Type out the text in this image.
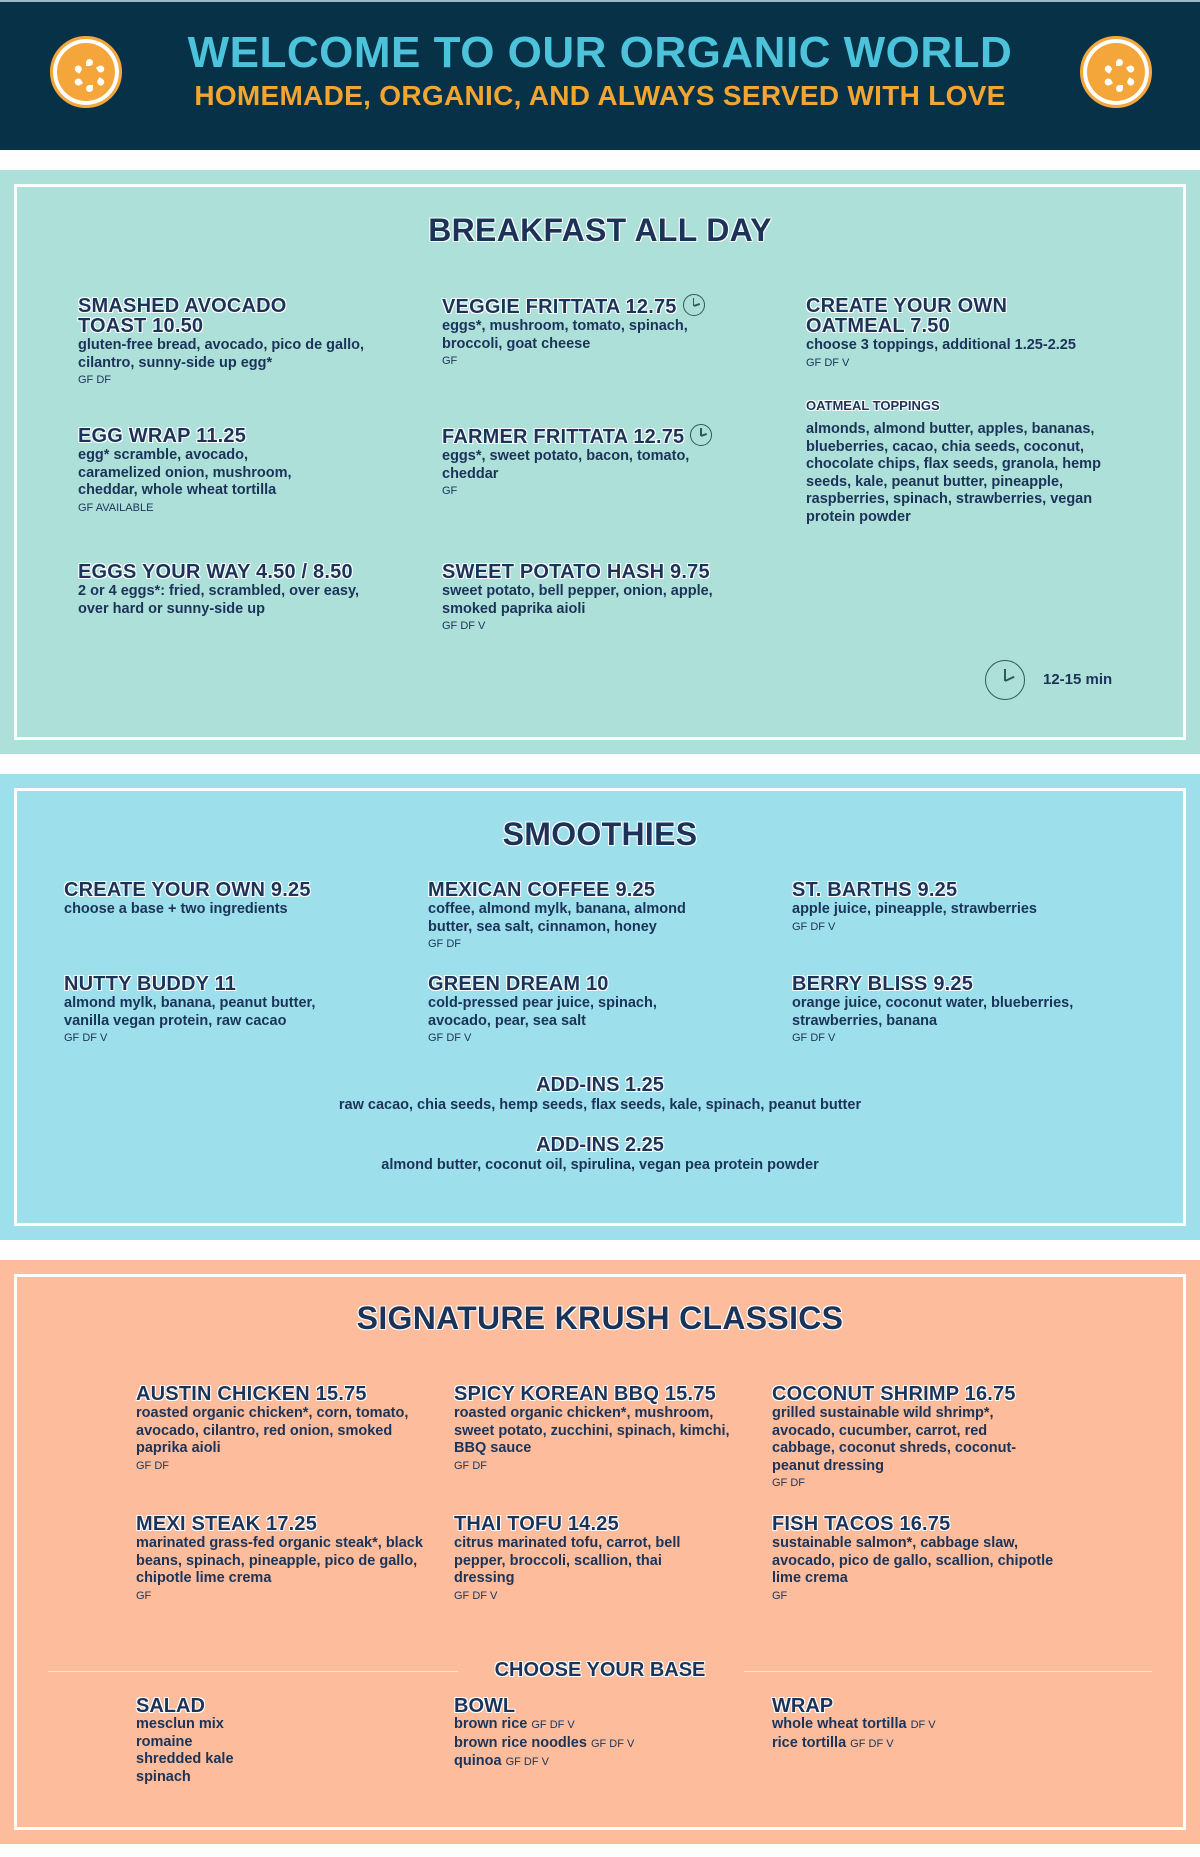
WELCOME TO OUR ORGANIC WORLD
HOMEMADE, ORGANIC, AND ALWAYS SERVED WITH LOVE
BREAKFAST ALL DAY
SMASHED AVOCADO
TOAST 10.50
gluten-free bread, avocado, pico de gallo, cilantro, sunny-side up egg*
GF DF
EGG WRAP 11.25
egg* scramble, avocado, caramelized onion, mushroom, cheddar, whole wheat tortilla
GF AVAILABLE
EGGS YOUR WAY 4.50 / 8.50
2 or 4 eggs*: fried, scrambled, over easy, over hard or sunny-side up
VEGGIE FRITTATA 12.75
eggs*, mushroom, tomato, spinach, broccoli, goat cheese
GF
FARMER FRITTATA 12.75
eggs*, sweet potato, bacon, tomato, cheddar
GF
SWEET POTATO HASH 9.75
sweet potato, bell pepper, onion, apple, smoked paprika aioli
GF DF V
CREATE YOUR OWN
OATMEAL 7.50
choose 3 toppings, additional 1.25-2.25
GF DF V
OATMEAL TOPPINGS
almonds, almond butter, apples, bananas, blueberries, cacao, chia seeds, coconut, chocolate chips, flax seeds, granola, hemp seeds, kale, peanut butter, pineapple, raspberries, spinach, strawberries, vegan protein powder
12-15 min
SMOOTHIES
CREATE YOUR OWN 9.25
choose a base + two ingredients
NUTTY BUDDY 11
almond mylk, banana, peanut butter, vanilla vegan protein, raw cacao
GF DF V
MEXICAN COFFEE 9.25
coffee, almond mylk, banana, almond butter, sea salt, cinnamon, honey
GF DF
GREEN DREAM 10
cold-pressed pear juice, spinach, avocado, pear, sea salt
GF DF V
ST. BARTHS 9.25
apple juice, pineapple, strawberries
GF DF V
BERRY BLISS 9.25
orange juice, coconut water, blueberries, strawberries, banana
GF DF V
ADD-INS 1.25
raw cacao, chia seeds, hemp seeds, flax seeds, kale, spinach, peanut butter
ADD-INS 2.25
almond butter, coconut oil, spirulina, vegan pea protein powder
SIGNATURE KRUSH CLASSICS
AUSTIN CHICKEN 15.75
roasted organic chicken*, corn, tomato, avocado, cilantro, red onion, smoked paprika aioli
GF DF
MEXI STEAK 17.25
marinated grass-fed organic steak*, black beans, spinach, pineapple, pico de gallo, chipotle lime crema
GF
SPICY KOREAN BBQ 15.75
roasted organic chicken*, mushroom, sweet potato, zucchini, spinach, kimchi, BBQ sauce
GF DF
THAI TOFU 14.25
citrus marinated tofu, carrot, bell pepper, broccoli, scallion, thai dressing
GF DF V
COCONUT SHRIMP 16.75
grilled sustainable wild shrimp*, avocado, cucumber, carrot, red cabbage, coconut shreds, coconut-peanut dressing
GF DF
FISH TACOS 16.75
sustainable salmon*, cabbage slaw, avocado, pico de gallo, scallion, chipotle lime crema
GF
CHOOSE YOUR BASE
SALAD
mesclun mix
romaine
shredded kale
spinach
BOWL
brown rice GF DF V
brown rice noodles GF DF V
quinoa GF DF V
WRAP
whole wheat tortilla DF V
rice tortilla GF DF V
